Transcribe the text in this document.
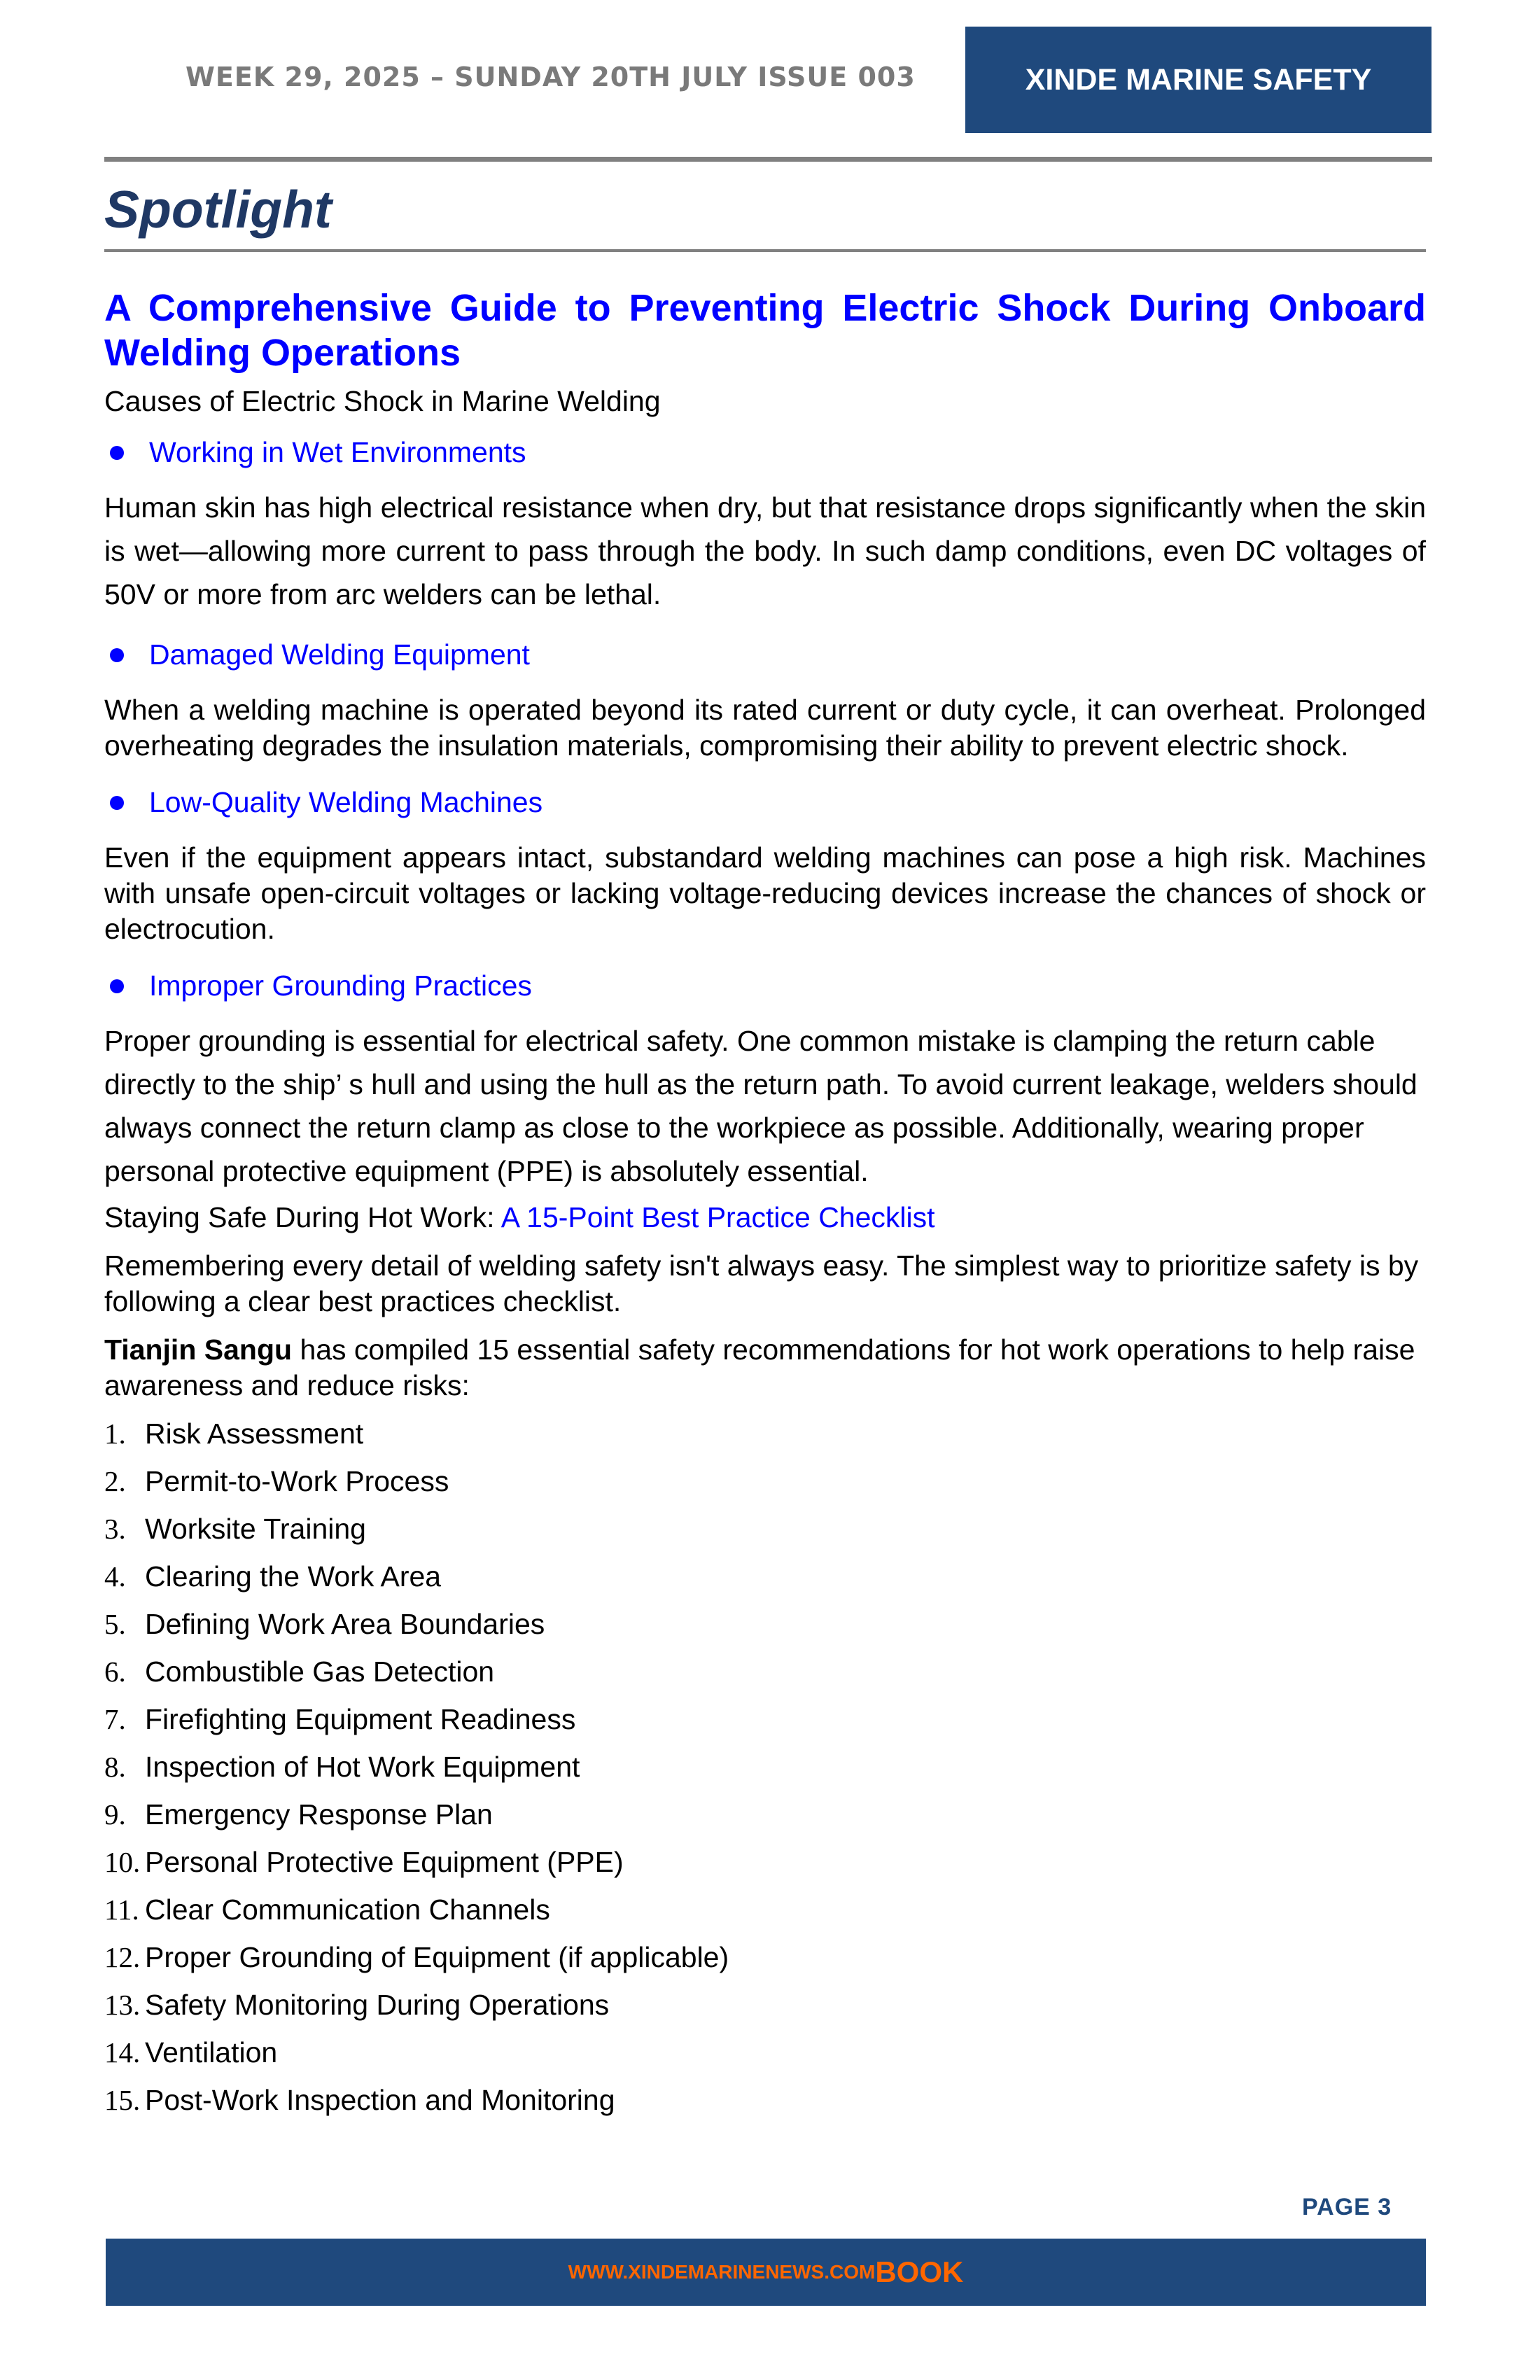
WEEK 29, 2025 – SUNDAY 20TH JULY ISSUE 003	XINDE MARINE SAFETY
Spotlight
A Comprehensive Guide to Preventing Electric Shock During Onboard Welding Operations

Causes of Electric Shock in Marine Welding

Working in Wet Environments

Human skin has high electrical resistance when dry, but that resistance drops significantly when the skin is wet—allowing more current to pass through the body. In such damp conditions, even DC voltages of 50V or more from arc welders can be lethal.

Damaged Welding Equipment

When a welding machine is operated beyond its rated current or duty cycle, it can overheat. Prolonged overheating degrades the insulation materials, compromising their ability to prevent electric shock.

Low-Quality Welding Machines

Even if the equipment appears intact, substandard welding machines can pose a high risk. Machines with unsafe open-circuit voltages or lacking voltage-reducing devices increase the chances of shock or electrocution.

Improper Grounding Practices

Proper grounding is essential for electrical safety. One common mistake is clamping the return cable directly to the ship’ s hull and using the hull as the return path. To avoid current leakage, welders should always connect the return clamp as close to the workpiece as possible. Additionally, wearing proper personal protective equipment (PPE) is absolutely essential.

Staying Safe During Hot Work: A 15-Point Best Practice Checklist

Remembering every detail of welding safety isn't always easy. The simplest way to prioritize safety is by following a clear best practices checklist.

Tianjin Sangu has compiled 15 essential safety recommendations for hot work operations to help raise awareness and reduce risks:

1. Risk Assessment
2. Permit-to-Work Process
3. Worksite Training
4. Clearing the Work Area
5. Defining Work Area Boundaries
6. Combustible Gas Detection
7. Firefighting Equipment Readiness
8. Inspection of Hot Work Equipment
9. Emergency Response Plan
10. Personal Protective Equipment (PPE)
11. Clear Communication Channels
12. Proper Grounding of Equipment (if applicable)
13. Safety Monitoring During Operations
14. Ventilation
15. Post-Work Inspection and Monitoring
PAGE 3
WWW.XINDEMARINENEWS.COM BOOK
